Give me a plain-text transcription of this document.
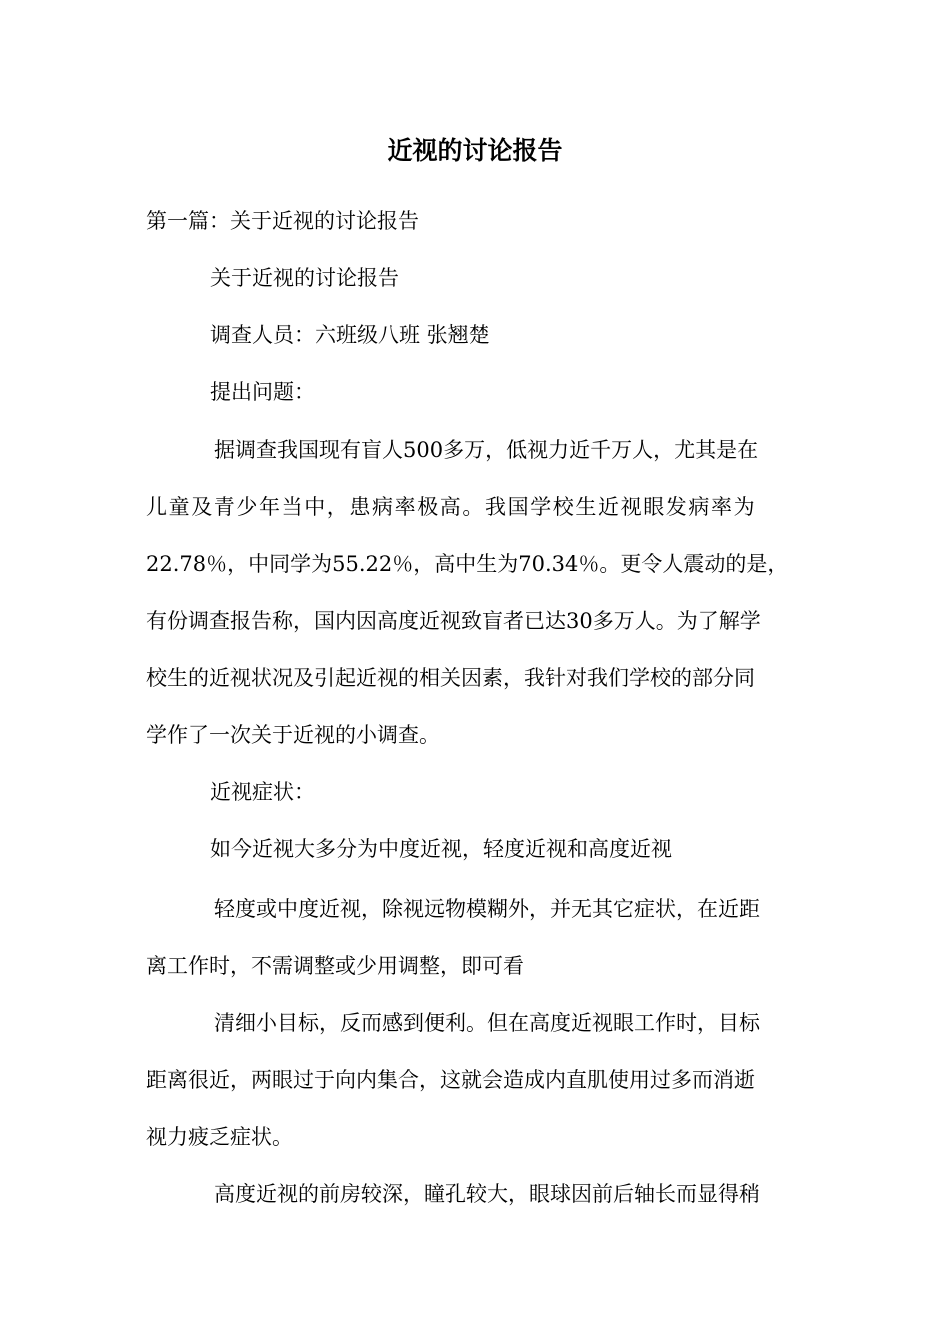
近视的讨论报告
第一篇：关于近视的讨论报告
关于近视的讨论报告
调查人员：六班级八班 张翘楚
提出问题：
据调查我国现有盲人500多万，低视力近千万人，尤其是在
儿童及青少年当中，患病率极高。我国学校生近视眼发病率为
22.78％，中同学为55.22％，高中生为70.34％。更令人震动的是，
有份调查报告称，国内因高度近视致盲者已达30多万人。为了解学
校生的近视状况及引起近视的相关因素，我针对我们学校的部分同
学作了一次关于近视的小调查。
近视症状：
如今近视大多分为中度近视，轻度近视和高度近视
轻度或中度近视，除视远物模糊外，并无其它症状，在近距
离工作时，不需调整或少用调整，即可看
清细小目标，反而感到便利。但在高度近视眼工作时，目标
距离很近，两眼过于向内集合，这就会造成内直肌使用过多而消逝
视力疲乏症状。
高度近视的前房较深，瞳孔较大，眼球因前后轴长而显得稍
